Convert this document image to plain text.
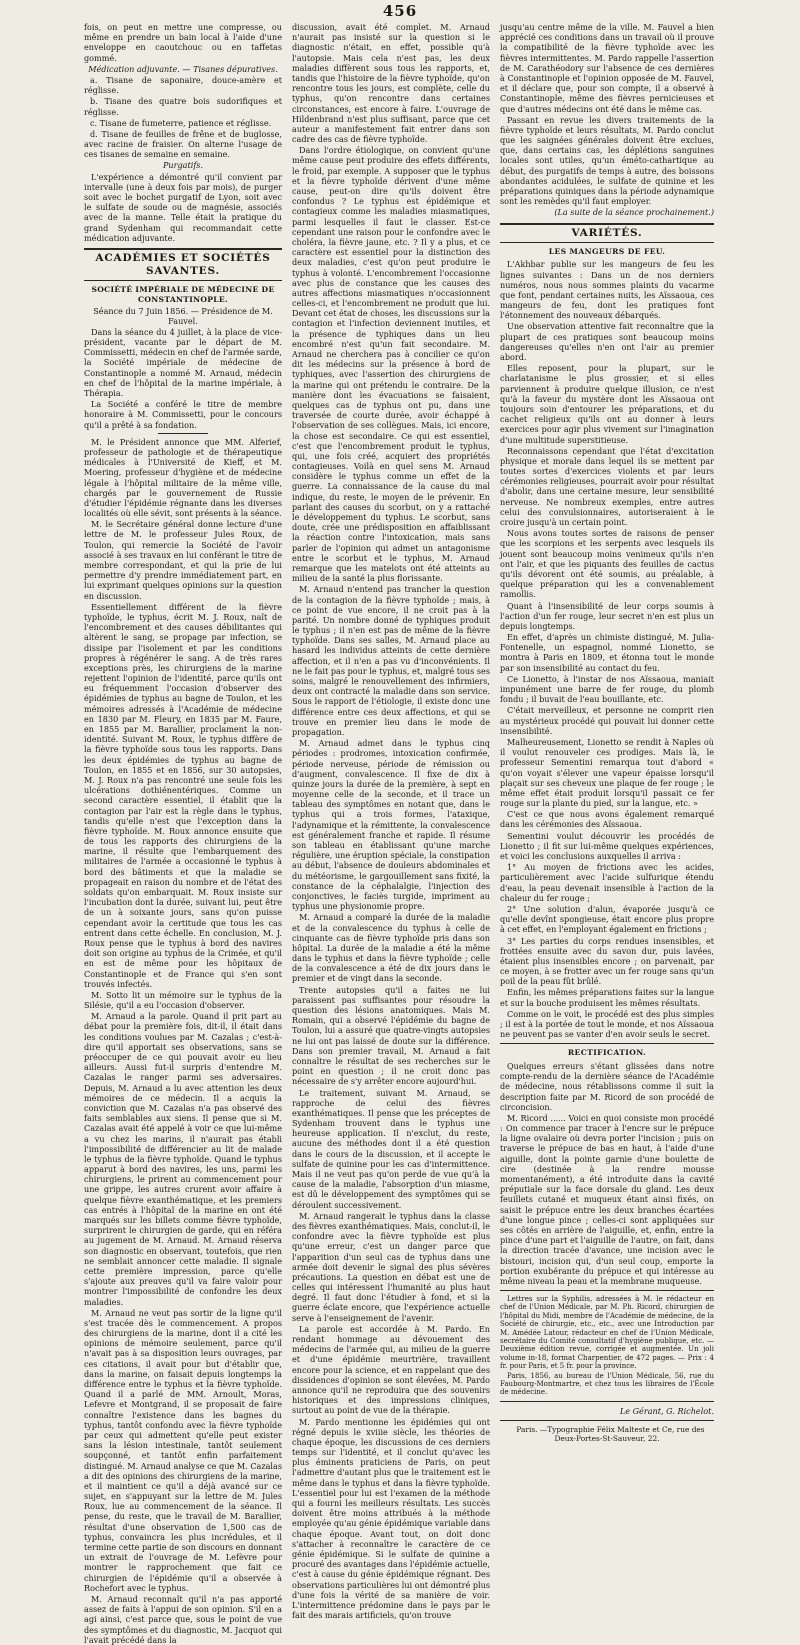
456

fois, on peut en mettre une compresse, ou même en prendre un bain local à l'aide d'une enveloppe en caoutchouc ou en taffetas gommé.

Médication adjuvante. — Tisanes dépuratives.

a. Tisane de saponaire, douce-amère et réglisse.

b. Tisane des quatre bois sudorifiques et réglisse.

c. Tisane de fumeterre, patience et réglisse.

d. Tisane de feuilles de frêne et de buglosse, avec racine de fraisier. On alterne l'usage de ces tisanes de semaine en semaine.

Purgatifs.

L'expérience a démontré qu'il convient par intervalle (une à deux fois par mois), de purger soit avec le bochet purgatif de Lyon, soit avec le sulfate de soude ou de magnésie, associés avec de la manne. Telle était la pratique du grand Sydenham qui recommandait cette médication adjuvante.

ACADÉMIES ET SOCIÉTÉS SAVANTES.
SOCIÉTÉ IMPÉRIALE DE MÉDECINE DE CONSTANTINOPLE.

Séance du 7 Juin 1856. — Présidence de M. Fauvel.

Dans la séance du 4 juillet, à la place de vice-président, vacante par le départ de M. Commissetti, médecin en chef de l'armée sarde, la Société impériale de médecine de Constantinople a nommé M. Arnaud, médecin en chef de l'hôpital de la marine impériale, à Thérapia.

La Société a conféré le titre de membre honoraire à M. Commissetti, pour le concours qu'il a prêté à sa fondation.

M. le Président annonce que MM. Alferief, professeur de pathologie et de thérapeutique médicales à l'Université de Kieff, et M. Moering, professeur d'hygiène et de médecine légale à l'hôpital militaire de la même ville, chargés par le gouvernement de Russie d'étudier l'épidémie régnante dans les diverses localités où elle sévit, sont présents à la séance.

M. le Secrétaire général donne lecture d'une lettre de M. le professeur Jules Roux, de Toulon, qui remercie la Société de l'avoir associé à ses travaux en lui conférant le titre de membre correspondant, et qui la prie de lui permettre d'y prendre immédiatement part, en lui exprimant quelques opinions sur la question en discussion.

Essentiellement différent de la fièvre typhoïde, le typhus, écrit M. J. Roux, naît de l'encombrement et des causes débilitantes qui altèrent le sang, se propage par infection, se dissipe par l'isolement et par les conditions propres à régénérer le sang. A de très rares exceptions près, les chirurgiens de la marine rejettent l'opinion de l'identité, parce qu'ils ont eu fréquemment l'occasion d'observer des épidémies de typhus au bagne de Toulon, et les mémoires adressés à l'Académie de médecine en 1830 par M. Fleury, en 1835 par M. Faure, en 1855 par M. Barallier, proclament la non-identité. Suivant M. Roux, le typhus diffère de la fièvre typhoïde sous tous les rapports. Dans les deux épidémies de typhus au bagne de Toulon, en 1855 et en 1856, sur 30 autopsies, M. J. Roux n'a pas rencontré une seule fois les ulcérations dothiénentériques. Comme un second caractère essentiel, il établit que la contagion par l'air est la règle dans le typhus, tandis qu'elle n'est que l'exception dans la fièvre typhoïde. M. Roux annonce ensuite que de tous les rapports des chirurgiens de la marine, il résulte que l'embarquement des militaires de l'armée a occasionné le typhus à bord des bâtiments et que la maladie se propageait en raison du nombre et de l'état des soldats qu'on embarquait. M. Roux insiste sur l'incubation dont la durée, suivant lui, peut être de un à soixante jours, sans qu'on puisse cependant avoir la certitude que tous les cas entrent dans cette échelle. En conclusion, M. J. Roux pense que le typhus à bord des navires doit son origine au typhus de la Crimée, et qu'il en est de même pour les hôpitaux de Constantinople et de France qui s'en sont trouvés infectés.

M. Sotto lit un mémoire sur le typhus de la Silésie, qu'il a eu l'occasion d'observer.

M. Arnaud a la parole. Quand il prit part au débat pour la première fois, dit-il, il était dans les conditions voulues par M. Cazalas ; c'est-à-dire qu'il apportait ses observations, sans se préoccuper de ce qui pouvait avoir eu lieu ailleurs. Aussi fut-il surpris d'entendre M. Cazalas le ranger parmi ses adversaires. Depuis, M. Arnaud a lu avec attention les deux mémoires de ce médecin. Il a acquis la conviction que M. Cazalas n'a pas observé des faits semblables aux siens. Il pense que si M. Cazalas avait été appelé à voir ce que lui-même a vu chez les marins, il n'aurait pas établi l'impossibilité de différencier au lit de malade le typhus de la fièvre typhoïde. Quand le typhus apparut à bord des navires, les uns, parmi les chirurgiens, le prirent au commencement pour une grippe, les autres crurent avoir affaire à quelque fièvre exanthématique, et les premiers cas entrés à l'hôpital de la marine en ont été marqués sur les billets comme fièvre typhoïde, surprirent le chirurgien de garde, qui en référa au jugement de M. Arnaud. M. Arnaud réserva son diagnostic en observant, toutefois, que rien ne semblait annoncer cette maladie. Il signale cette première impression, parce qu'elle s'ajoute aux preuves qu'il va faire valoir pour montrer l'impossibilité de confondre les deux maladies.

M. Arnaud ne veut pas sortir de la ligne qu'il s'est tracée dès le commencement. A propos des chirurgiens de la marine, dont il a cité les opinions de mémoire seulement, parce qu'il n'avait pas à sa disposition leurs ouvrages, par ces citations, il avait pour but d'établir que, dans la marine, on faisait depuis longtemps la différence entre le typhus et la fièvre typhoïde. Quand il a parlé de MM. Arnoult, Moras, Lefevre et Montgrand, il se proposait de faire connaître l'existence dans les bagnes du typhus, tantôt confondu avec la fièvre typhoïde par ceux qui admettent qu'elle peut exister sans la lésion intestinale, tantôt seulement soupçonné, et tantôt enfin parfaitement distingué. M. Arnaud analyse ce que M. Cazalas a dit des opinions des chirurgiens de la marine, et il maintient ce qu'il a déjà avancé sur ce sujet, en s'appuyant sur la lettre de M. Jules Roux, lue au commencement de la séance. Il pense, du reste, que le travail de M. Barallier, résultat d'une observation de 1,500 cas de typhus, convaincra les plus incrédules, et il termine cette partie de son discours en donnant un extrait de l'ouvrage de M. Lefèvre pour montrer le rapprochement que fait ce chirurgien de l'épidémie qu'il a observée à Rochefort avec le typhus.

M. Arnaud reconnaît qu'il n'a pas apporté assez de faits à l'appui de son opinion. S'il en a agi ainsi, c'est parce que, sous le point de vue des symptômes et du diagnostic, M. Jacquot qui l'avait précédé dans la

discussion, avait été complet. M. Arnaud n'aurait pas insisté sur la question si le diagnostic n'était, en effet, possible qu'à l'autopsie. Mais cela n'est pas, les deux maladies diffèrent sous tous les rapports, et, tandis que l'histoire de la fièvre typhoïde, qu'on rencontre tous les jours, est complète, celle du typhus, qu'on rencontre dans certaines circonstances, est encore à faire. L'ouvrage de Hildenbrand n'est plus suffisant, parce que cet auteur a manifestement fait entrer dans son cadre des cas de fièvre typhoïde.

Dans l'ordre étiologique, on convient qu'une même cause peut produire des effets différents, le froid, par exemple. A supposer que le typhus et la fièvre typhoïde dérivent d'une même cause, peut-on dire qu'ils doivent être confondus ? Le typhus est épidémique et contagieux comme les maladies miasmatiques, parmi lesquelles il faut le classer. Est-ce cependant une raison pour le confondre avec le choléra, la fièvre jaune, etc. ? Il y a plus, et ce caractère est essentiel pour la distinction des deux maladies, c'est qu'on peut produire le typhus à volonté. L'encombrement l'occasionne avec plus de constance que les causes des autres affections miasmatiques n'occasionnent celles-ci, et l'encombrement ne produit que lui. Devant cet état de choses, les discussions sur la contagion et l'infection deviennent inutiles, et la présence de typhiques dans un lieu encombré n'est qu'un fait secondaire. M. Arnaud ne cherchera pas à concilier ce qu'on dit les médecins sur la présence à bord de typhiques, avec l'assertion des chirurgiens de la marine qui ont prétendu le contraire. De la manière dont les évacuations se faisaient, quelques cas de typhus ont pu, dans une traversée de courte durée, avoir échappé à l'observation de ses collègues. Mais, ici encore, la chose est secondaire. Ce qui est essentiel, c'est que l'encombrement produit le typhus, qui, une fois créé, acquiert des propriétés contagieuses. Voilà en quel sens M. Arnaud considère le typhus comme un effet de la guerre. La connaissance de la cause du mal indique, du reste, le moyen de le prévenir. En parlant des causes du scorbut, on y a rattaché le développement du typhus. Le scorbut, sans doute, crée une prédisposition en affaiblissant la réaction contre l'intoxication, mais sans parler de l'opinion qui admet un antagonisme entre le scorbut et le typhus, M. Arnaud remarque que les matelots ont été atteints au milieu de la santé la plus florissante.

M. Arnaud n'entend pas trancher la question de la contagion de la fièvre typhoïde ; mais, à ce point de vue encore, il ne croit pas à la parité. Un nombre donné de typhiques produit le typhus ; il n'en est pas de même de la fièvre typhoïde. Dans ses salles, M. Arnaud place au hasard les individus atteints de cette dernière affection, et il n'en a pas vu d'inconvénients. Il ne le fait pas pour le typhus, et, malgré tous ses soins, malgré le renouvellement des infirmiers, deux ont contracté la maladie dans son service. Sous le rapport de l'étiologie, il existe donc une différence entre ces deux affections, et qui se trouve en premier lieu dans le mode de propagation.

M. Arnaud admet dans le typhus cinq périodes : prodromes, intoxication confirmée, période nerveuse, période de rémission ou d'augment, convalescence. Il fixe de dix à quinze jours la durée de la première, à sept en moyenne celle de la seconde, et il trace un tableau des symptômes en notant que, dans le typhus qui a trois formes, l'ataxique, l'adynamique et la rémittente, la convalescence est généralement franche et rapide. Il résume son tableau en établissant qu'une marche régulière, une éruption spéciale, la constipation au début, l'absence de douleurs abdominales et du météorisme, le gargouillement sans fixité, la constance de la céphalalgie, l'injection des conjonctives, le faciès turgide, impriment au typhus une physionomie propre.

M. Arnaud a comparé la durée de la maladie et de la convalescence du typhus à celle de cinquante cas de fièvre typhoïde pris dans son hôpital. La durée de la maladie a été la même dans le typhus et dans la fièvre typhoïde ; celle de la convalescence a été de dix jours dans le premier et de vingt dans la seconde.

Trente autopsies qu'il a faites ne lui paraissent pas suffisantes pour résoudre la question des lésions anatomiques. Mais M. Romain, qui a observé l'épidémie du bagne de Toulon, lui a assuré que quatre-vingts autopsies ne lui ont pas laissé de doute sur la différence. Dans son premier travail, M. Arnaud a fait connaître le résultat de ses recherches sur le point en question ; il ne croit donc pas nécessaire de s'y arrêter encore aujourd'hui.

Le traitement, suivant M. Arnaud, se rapproche de celui des fièvres exanthématiques. Il pense que les préceptes de Sydenham trouvent dans le typhus une heureuse application. Il n'exclut, du reste, aucune des méthodes dont il a été question dans le cours de la discussion, et il accepte le sulfate de quinine pour les cas d'intermittence. Mais il ne veut pas qu'on perde de vue qu'à la cause de la maladie, l'absorption d'un miasme, est dû le développement des symptômes qui se déroulent successivement.

M. Arnaud rangerait le typhus dans la classe des fièvres exanthématiques. Mais, conclut-il, le confondre avec la fièvre typhoïde est plus qu'une erreur, c'est un danger parce que l'apparition d'un seul cas de typhus dans une armée doit devenir le signal des plus sévères précautions. La question en débat est une de celles qui intéressent l'humanité au plus haut degré. Il faut donc l'étudier à fond, et si la guerre éclate encore, que l'expérience actuelle serve à l'enseignement de l'avenir.

La parole est accordée à M. Pardo. En rendant hommage au dévouement des médecins de l'armée qui, au milieu de la guerre et d'une épidémie meurtrière, travaillent encore pour la science, et en rappelant que des dissidences d'opinion se sont élevées, M. Pardo annonce qu'il ne reproduira que des souvenirs historiques et des impressions cliniques, surtout au point de vue de la thérapie.

M. Pardo mentionne les épidémies qui ont régné depuis le xviiie siècle, les théories de chaque époque, les discussions de ces derniers temps sur l'identité, et il conclut qu'avec les plus éminents praticiens de Paris, on peut l'admettre d'autant plus que le traitement est le même dans le typhus et dans la fièvre typhoïde. L'essentiel pour lui est l'examen de la méthode qui a fourni les meilleurs résultats. Les succès doivent être moins attribués à la méthode employée qu'au génie épidémique variable dans chaque époque. Avant tout, on doit donc s'attacher à reconnaître le caractère de ce génie épidémique. Si le sulfate de quinine a procuré des avantages dans l'épidémie actuelle, c'est à cause du génie épidémique régnant. Des observations particulières lui ont démontré plus d'une fois la vérité de sa manière de voir. L'intermittence prédomine dans le pays par le fait des marais artificiels, qu'on trouve

jusqu'au centre même de la ville. M. Fauvel a bien apprécié ces conditions dans un travail où il prouve la compatibilité de la fièvre typhoïde avec les fièvres intermittentes. M. Pardo rappelle l'assertion de M. Carathéodory sur l'absence de ces dernières à Constantinople et l'opinion opposée de M. Fauvel, et il déclare que, pour son compte, il a observé à Constantinople, même des fièvres pernicieuses et que d'autres médecins ont été dans le même cas.

Passant en revue les divers traitements de la fièvre typhoïde et leurs résultats, M. Pardo conclut que les saignées générales doivent être exclues, que, dans certains cas, les déplétions sanguines locales sont utiles, qu'un éméto-cathartique au début, des purgatifs de temps à autre, des boissons abondantes acidulées, le sulfate de quinine et les préparations quiniques dans la période adynamique sont les remèdes qu'il faut employer.

(La suite de la séance prochainement.)

VARIÉTÉS.
LES MANGEURS DE FEU.

L'Akhbar publie sur les mangeurs de feu les lignes suivantes : Dans un de nos derniers numéros, nous nous sommes plaints du vacarme que font, pendant certaines nuits, les Aïssaoua, ces mangeurs de feu, dont les pratiques font l'étonnement des nouveaux débarqués.

Une observation attentive fait reconnaître que la plupart de ces pratiques sont beaucoup moins dangereuses qu'elles n'en ont l'air au premier abord.

Elles reposent, pour la plupart, sur le charlatanisme le plus grossier, et si elles parviennent à produire quelque illusion, ce n'est qu'à la faveur du mystère dont les Aïssaoua ont toujours soin d'entourer les préparations, et du cachet religieux qu'ils ont au donner à leurs exercices pour agir plus vivement sur l'imagination d'une multitude superstitieuse.

Reconnaissons cependant que l'état d'excitation physique et morale dans lequel ils se mettent par toutes sortes d'exercices violents et par leurs cérémonies religieuses, pourrait avoir pour résultat d'abolir, dans une certaine mesure, leur sensibilité nerveuse. Ne nombreux exemples, entre autres celui des convulsionnaires, autoriseraient à le croire jusqu'à un certain point.

Nous avons toutes sortes de raisons de penser que les scorpions et les serpents avec lesquels ils jouent sont beaucoup moins venimeux qu'ils n'en ont l'air, et que les piquants des feuilles de cactus qu'ils dévorent ont été soumis, au préalable, à quelque préparation qui les a convenablement ramollis.

Quant à l'insensibilité de leur corps soumis à l'action d'un fer rouge, leur secret n'en est plus un depuis longtemps.

En effet, d'après un chimiste distingué, M. Julia-Fontenelle, un espagnol, nommé Lionetto, se montra à Paris en 1809, et étonna tout le monde par son insensibilité au contact du feu.

Ce Lionetto, à l'instar de nos Aïssaoua, maniait impunément une barre de fer rouge, du plomb fondu ; il buvait de l'eau bouillante, etc.

C'était merveilleux, et personne ne comprit rien au mystérieux procédé qui pouvait lui donner cette insensibilité.

Malheureusement, Lionetto se rendit à Naples où il voulut renouveler ces prodiges. Mais là, le professeur Sementini remarqua tout d'abord « qu'on voyait s'élever une vapeur épaisse lorsqu'il plaçait sur ses cheveux une plaque de fer rouge ; le même effet était produit lorsqu'il passait ce fer rouge sur la plante du pied, sur la langue, etc. »

C'est ce que nous avons également remarqué dans les cérémonies des Aïssaoua.

Sementini voulut découvrir les procédés de Lionetto ; il fit sur lui-même quelques expériences, et voici les conclusions auxquelles il arriva :

1° Au moyen de frictions avec les acides, particulièrement avec l'acide sulfurique étendu d'eau, la peau devenait insensible à l'action de la chaleur du fer rouge ;

2° Une solution d'alun, évaporée jusqu'à ce qu'elle devînt spongieuse, était encore plus propre à cet effet, en l'employant également en frictions ;

3° Les parties du corps rendues insensibles, et frottées ensuite avec du savon dur, puis lavées, étaient plus insensibles encore ; on parvenait, par ce moyen, à se frotter avec un fer rouge sans qu'un poil de la peau fût brûlé.

Enfin, les mêmes préparations faites sur la langue et sur la bouche produisent les mêmes résultats.

Comme on le voit, le procédé est des plus simples ; il est à la portée de tout le monde, et nos Aïssaoua ne peuvent pas se vanter d'en avoir seuls le secret.

RECTIFICATION.

Quelques erreurs s'étant glissées dans notre compte-rendu de la dernière séance de l'Académie de médecine, nous rétablissons comme il suit la description faite par M. Ricord de son procédé de circoncision.

M. Ricord ...... Voici en quoi consiste mon procédé : On commence par tracer à l'encre sur le prépuce la ligne ovalaire où devra porter l'incision ; puis on traverse le prépuce de bas en haut, à l'aide d'une aiguille, dont la pointe garnie d'une boulette de cire (destinée à la rendre mousse momentanément), a été introduite dans la cavité préputiale sur la face dorsale du gland. Les deux feuillets cutané et muqueux étant ainsi fixés, on saisit le prépuce entre les deux branches écartées d'une longue pince ; celles-ci sont appliquées sur ses côtés en arrière de l'aiguille, et, enfin, entre la pince d'une part et l'aiguille de l'autre, on fait, dans la direction tracée d'avance, une incision avec le bistouri, incision qui, d'un seul coup, emporte la portion exubérante du prépuce et qui intéresse au même niveau la peau et la membrane muqueuse.

Lettres sur la Syphilis, adressées à M. le rédacteur en chef de l'Union Médicale, par M. Ph. Ricord, chirurgien de l'hôpital du Midi, membre de l'Académie de médecine, de la Société de chirurgie, etc., etc., avec une Introduction par M. Amédée Latour, rédacteur en chef de l'Union Médicale, secrétaire du Comité consultatif d'hygiène publique, etc. — Deuxième édition revue, corrigée et augmentée. Un joli volume in-18, format Charpentier, de 472 pages. — Prix : 4 fr. pour Paris, et 5 fr. pour la province.

Paris, 1856, au bureau de l'Union Médicale, 56, rue du Faubourg-Montmartre, et chez tous les libraires de l'École de médecine.

Le Gérant, G. Richelot.

Paris. —Typographie Félix Malteste et Ce, rue des Deux-Portes-St-Sauveur, 22.
